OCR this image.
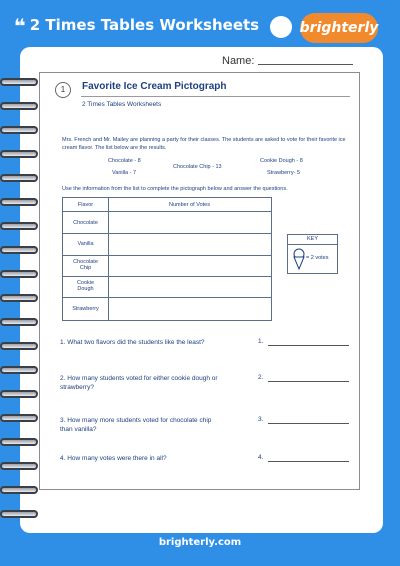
❝ 2 Times Tables Worksheets	brighterly
Name:
1	Favorite Ice Cream Pictograph
2 Times Tables Worksheets
Mrs. French and Mr. Mailey are planning a party for their classes. The students are asked to vote for their favorite ice cream flavor. The list below are the results.
Chocolate - 8
Vanilla - 7
Chocolate Chip - 13
Cookie Dough - 8
Strawberry- 5
Use the information from the list to complete the pictograph below and answer the questions.
Flavor	Number of Votes
Chocolate
Vanilla
Chocolate Chip
Cookie Dough
Strawberry
KEY
= 2 votes
1. What two flavors did the students like the least?	1.
2. How many students voted for either cookie dough or strawberry?
2.
3. How many more students voted for chocolate chip than vanilla?
3.
4. How many votes were there in all?	4.
brighterly.com
